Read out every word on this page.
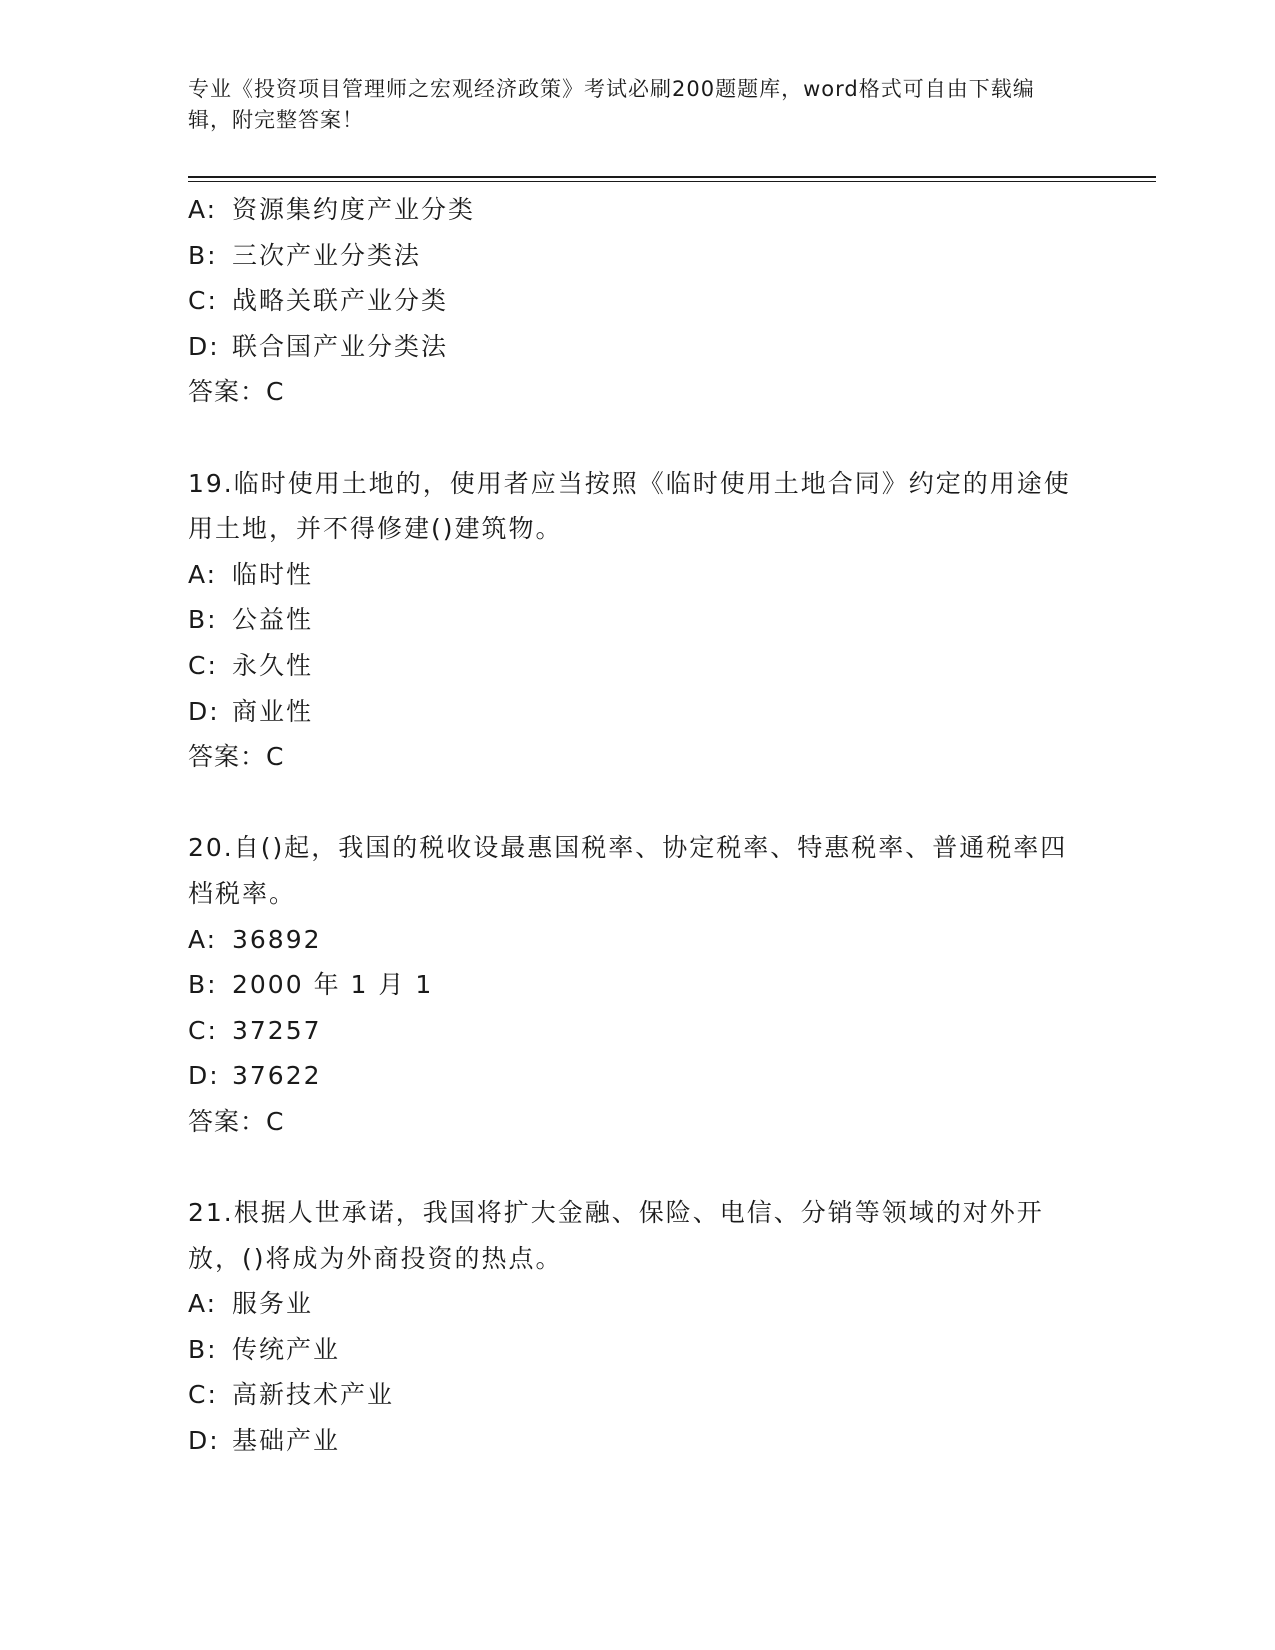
专业《投资项目管理师之宏观经济政策》考试必刷200题题库，word格式可自由下载编辑，附完整答案！
A: 资源集约度产业分类
B: 三次产业分类法
C: 战略关联产业分类
D: 联合国产业分类法
答案：C
19.临时使用土地的，使用者应当按照《临时使用土地合同》约定的用途使用土地，并不得修建()建筑物。
A: 临时性
B: 公益性
C: 永久性
D: 商业性
答案：C
20.自()起，我国的税收设最惠国税率、协定税率、特惠税率、普通税率四档税率。
A: 36892
B: 2000 年 1 月 1
C: 37257
D: 37622
答案：C
21.根据人世承诺，我国将扩大金融、保险、电信、分销等领域的对外开放，()将成为外商投资的热点。
A: 服务业
B: 传统产业
C: 高新技术产业
D: 基础产业
